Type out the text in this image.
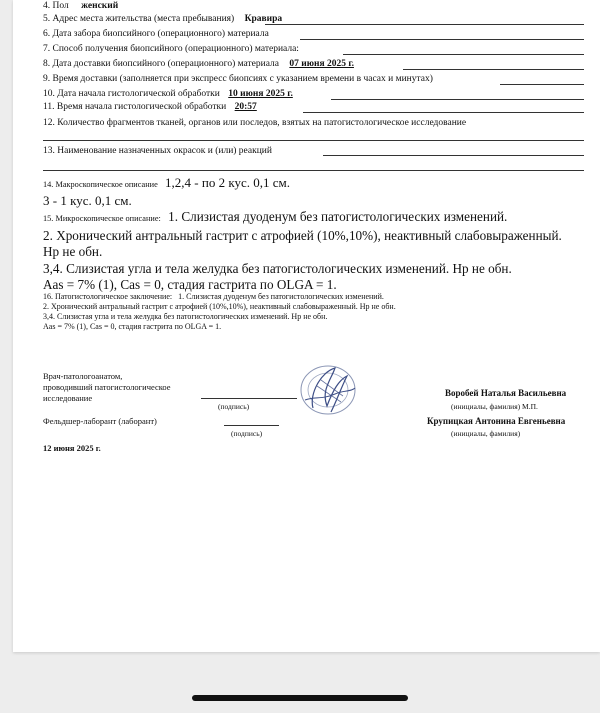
4. Пол женский
5. Адрес места жительства (места пребывания) Кравира
6. Дата забора биопсийного (операционного) материала
7. Способ получения биопсийного (операционного) материала:
8. Дата доставки биопсийного (операционного) материала 07 июня 2025 г.
9. Время доставки (заполняется при экспресс биопсиях с указанием времени в часах и минутах)
10. Дата начала гистологической обработки 10 июня 2025 г.
11. Время начала гистологической обработки 20:57
12. Количество фрагментов тканей, органов или последов, взятых на патогистологическое исследование
13. Наименование назначенных окрасок и (или) реакций
14. Макроскопическое описание 1,2,4 - по 2 кус. 0,1 см.
3 - 1 кус. 0,1 см.
15. Микроскопическое описание: 1. Слизистая дуоденум без патогистологических изменений.
2. Хронический антральный гастрит с атрофией (10%,10%), неактивный слабовыраженный. Нр не обн.
3,4. Слизистая угла и тела желудка без патогистологических изменений. Нр не обн.
Aas = 7% (1), Cas = 0, стадия гастрита по OLGA = 1.
16. Патогистологическое заключение: 1. Слизистая дуоденум без патогистологических изменений.
2. Хронический антральный гастрит с атрофией (10%,10%), неактивный слабовыраженный. Нр не обн.
3,4. Слизистая угла и тела желудка без патогистологических изменений. Нр не обн.
Aas = 7% (1), Cas = 0, стадия гастрита по OLGA = 1.
Врач-патологоанатом,
проводивший патогистологическое
исследование
(подпись)
Воробей Наталья Васильевна
(инициалы, фамилия) М.П.
Фельдшер-лаборант (лаборант)
(подпись)
Крупицкая Антонина Евгеньевна
(инициалы, фамилия)
12 июня 2025 г.
